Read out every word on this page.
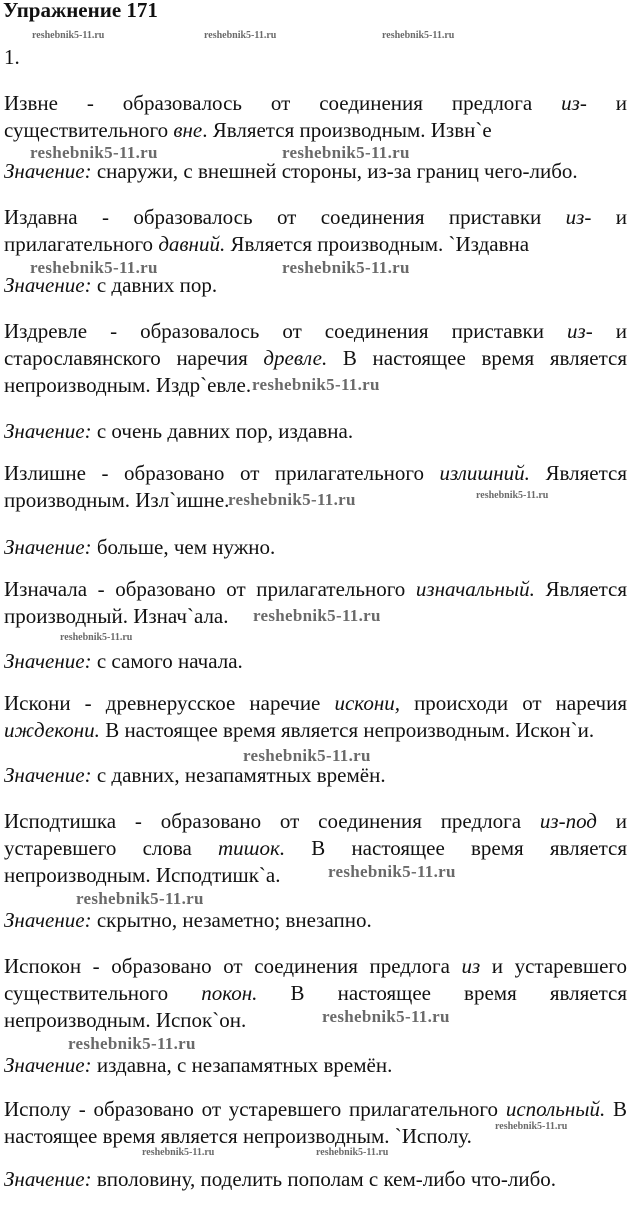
Упражнение 171
1.
Извне - образовалось от соединения предлога из- и
существительного вне. Является производным. Извн`е
Значение: снаружи, с внешней стороны, из-за границ чего-либо.
Издавна - образовалось от соединения приставки из- и
прилагательного давний. Является производным. `Издавна
Значение: с давних пор.
Издревле - образовалось от соединения приставки из- и
старославянского наречия древле. В настоящее время является
непроизводным. Издр`евле.
Значение: с очень давних пор, издавна.
Излишне - образовано от прилагательного излишний. Является
производным. Изл`ишне.
Значение: больше, чем нужно.
Изначала - образовано от прилагательного изначальный. Является
производный. Изнач`ала.
Значение: с самого начала.
Искони - древнерусское наречие искони, происходи от наречия
иждекони. В настоящее время является непроизводным. Искон`и.
Значение: с давних, незапамятных времён.
Исподтишка - образовано от соединения предлога из-под и
устаревшего слова тишок. В настоящее время является
непроизводным. Исподтишк`а.
Значение: скрытно, незаметно; внезапно.
Испокон - образовано от соединения предлога из и устаревшего
существительного покон. В настоящее время является
непроизводным. Испок`он.
Значение: издавна, с незапамятных времён.
Исполу - образовано от устаревшего прилагательного испольный. В
настоящее время является непроизводным. `Исполу.
Значение: вполовину, поделить пополам с кем-либо что-либо.
reshebnik5-11.ru	reshebnik5-11.ru	reshebnik5-11.ru
reshebnik5-11.ru	reshebnik5-11.ru
reshebnik5-11.ru	reshebnik5-11.ru
reshebnik5-11.ru
reshebnik5-11.ru	reshebnik5-11.ru
reshebnik5-11.ru
reshebnik5-11.ru
reshebnik5-11.ru
reshebnik5-11.ru
reshebnik5-11.ru
reshebnik5-11.ru
reshebnik5-11.ru
reshebnik5-11.ru
reshebnik5-11.ru	reshebnik5-11.ru
